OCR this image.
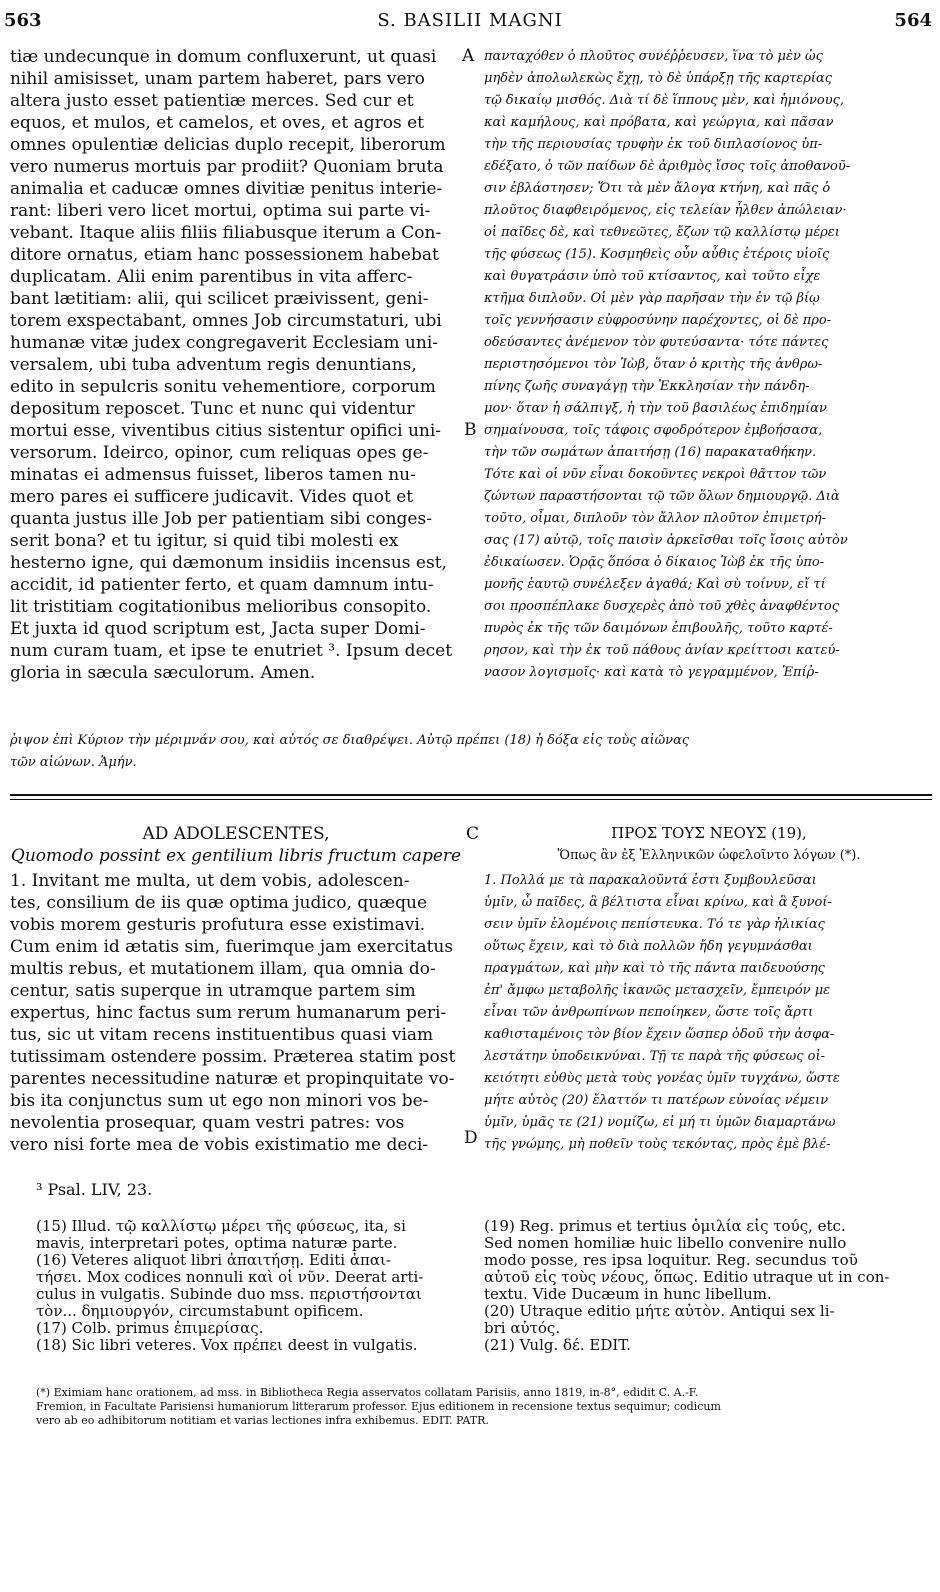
563	S. BASILII MAGNI	564
tiæ undecunque in domum confluxerunt, ut quasi
nihil amisisset, unam partem haberet, pars vero
altera justo esset patientiæ merces. Sed cur et
equos, et mulos, et camelos, et oves, et agros et
omnes opulentiæ delicias duplo recepit, liberorum
vero numerus mortuis par prodiit? Quoniam bruta
animalia et caducæ omnes divitiæ penitus interie-
rant: liberi vero licet mortui, optima sui parte vi-
vebant. Itaque aliis filiis filiabusque iterum a Con-
ditore ornatus, etiam hanc possessionem habebat
duplicatam. Alii enim parentibus in vita afferc-
bant lætitiam: alii, qui scilicet præivissent, geni-
torem exspectabant, omnes Job circumstaturi, ubi
humanæ vitæ judex congregaverit Ecclesiam uni-
versalem, ubi tuba adventum regis denuntians,
edito in sepulcris sonitu vehementiore, corporum
depositum reposcet. Tunc et nunc qui videntur
mortui esse, viventibus citius sistentur opifici uni-
versorum. Ideirco, opinor, cum reliquas opes ge-
minatas ei admensus fuisset, liberos tamen nu-
mero pares ei sufficere judicavit. Vides quot et
quanta justus ille Job per patientiam sibi conges-
serit bona? et tu igitur, si quid tibi molesti ex
hesterno igne, qui dæmonum insidiis incensus est,
accidit, id patienter ferto, et quam damnum intu-
lit tristitiam cogitationibus melioribus consopito.
Et juxta id quod scriptum est, Jacta super Domi-
num curam tuam, et ipse te enutriet ³. Ipsum decet
gloria in sæcula sæculorum. Amen.
A
B
πανταχόθεν ὁ πλοῦτος συνέῤῥευσεν, ἵνα τὸ μὲν ὡς
μηδὲν ἀπολωλεκὼς ἔχῃ, τὸ δὲ ὑπάρξῃ τῆς καρτερίας
τῷ δικαίῳ μισθός. Διὰ τί δὲ ἵππους μὲν, καὶ ἡμιόνους,
καὶ καμήλους, καὶ πρόβατα, καὶ γεώργια, καὶ πᾶσαν
τὴν τῆς περιουσίας τρυφὴν ἐκ τοῦ διπλασίονος ὑπ-
εδέξατο, ὁ τῶν παίδων δὲ ἀριθμὸς ἴσος τοῖς ἀποθανοῦ-
σιν ἐβλάστησεν; Ὅτι τὰ μὲν ἄλογα κτήνη, καὶ πᾶς ὁ
πλοῦτος διαφθειρόμενος, εἰς τελείαν ἦλθεν ἀπώλειαν·
οἱ παῖδες δὲ, καὶ τεθνεῶτες, ἔζων τῷ καλλίστῳ μέρει
τῆς φύσεως (15). Κοσμηθεὶς οὖν αὖθις ἑτέροις υἱοῖς
καὶ θυγατράσιν ὑπὸ τοῦ κτίσαντος, καὶ τοῦτο εἶχε
κτῆμα διπλοῦν. Οἱ μὲν γὰρ παρῆσαν τὴν ἐν τῷ βίῳ
τοῖς γεννήσασιν εὐφροσύνην παρέχοντες, οἱ δὲ προ-
οδεύσαντες ἀνέμενον τὸν φυτεύσαντα· τότε πάντες
περιστησόμενοι τὸν Ἰὼβ, ὅταν ὁ κριτὴς τῆς ἀνθρω-
πίνης ζωῆς συναγάγῃ τὴν Ἐκκλησίαν τὴν πάνδη-
μον· ὅταν ἡ σάλπιγξ, ἡ τὴν τοῦ βασιλέως ἐπιδημίαν
σημαίνουσα, τοῖς τάφοις σφοδρότερον ἐμβοήσασα,
τὴν τῶν σωμάτων ἀπαιτήσῃ (16) παρακαταθήκην.
Τότε καὶ οἱ νῦν εἶναι δοκοῦντες νεκροὶ θᾶττον τῶν
ζώντων παραστήσονται τῷ τῶν ὅλων δημιουργῷ. Διὰ
τοῦτο, οἶμαι, διπλοῦν τὸν ἄλλον πλοῦτον ἐπιμετρή-
σας (17) αὐτῷ, τοῖς παισὶν ἀρκεῖσθαι τοῖς ἴσοις αὐτὸν
ἐδικαίωσεν. Ὁρᾷς ὅπόσα ὁ δίκαιος Ἰὼβ ἐκ τῆς ὑπο-
μονῆς ἑαυτῷ συνέλεξεν ἀγαθά; Καὶ σὺ τοίνυν, εἴ τί
σοι προσπέπλακε δυσχερὲς ἀπὸ τοῦ χθὲς ἀναφθέντος
πυρὸς ἐκ τῆς τῶν δαιμόνων ἐπιβουλῆς, τοῦτο καρτέ-
ρησον, καὶ τὴν ἐκ τοῦ πάθους ἀνίαν κρείττοσι κατεύ-
νασον λογισμοῖς· καὶ κατὰ τὸ γεγραμμένον, Ἐπίῤ-
ῥιψον ἐπὶ Κύριον τὴν μέριμνάν σου, καὶ αὐτός σε διαθρέψει. Αὐτῷ πρέπει (18) ἡ δόξα εἰς τοὺς αἰῶνας
τῶν αἰώνων. Ἀμήν.
AD ADOLESCENTES,
Quomodo possint ex gentilium libris fructum capere
C	ΠΡΟΣ ΤΟΥΣ ΝΕΟΥΣ (19),
Ὅπως ἂν ἐξ Ἑλληνικῶν ὠφελοῖντο λόγων (*).
1. Invitant me multa, ut dem vobis, adolescen-
tes, consilium de iis quæ optima judico, quæque
vobis morem gesturis profutura esse existimavi.
Cum enim id ætatis sim, fuerimque jam exercitatus
multis rebus, et mutationem illam, qua omnia do-
centur, satis superque in utramque partem sim
expertus, hinc factus sum rerum humanarum peri-
tus, sic ut vitam recens instituentibus quasi viam
tutissimam ostendere possim. Præterea statim post
parentes necessitudine naturæ et propinquitate vo-
bis ita conjunctus sum ut ego non minori vos be-
nevolentia prosequar, quam vestri patres: vos
vero nisi forte mea de vobis existimatio me deci-	D
1. Πολλά με τὰ παρακαλοῦντά ἐστι ξυμβουλεῦσαι
ὑμῖν, ὦ παῖδες, ἃ βέλτιστα εἶναι κρίνω, καὶ ἃ ξυνοί-
σειν ὑμῖν ἑλομένοις πεπίστευκα. Τό τε γὰρ ἡλικίας
οὕτως ἔχειν, καὶ τὸ διὰ πολλῶν ἤδη γεγυμνάσθαι
πραγμάτων, καὶ μὴν καὶ τὸ τῆς πάντα παιδευούσης
ἐπ' ἄμφω μεταβολῆς ἱκανῶς μετασχεῖν, ἔμπειρόν με
εἶναι τῶν ἀνθρωπίνων πεποίηκεν, ὥστε τοῖς ἄρτι
καθισταμένοις τὸν βίον ἔχειν ὥσπερ ὁδοῦ τὴν ἀσφα-
λεστάτην ὑποδεικνύναι. Τῇ τε παρὰ τῆς φύσεως οἰ-
κειότητι εὐθὺς μετὰ τοὺς γονέας ὑμῖν τυγχάνω, ὥστε
μήτε αὐτὸς (20) ἔλαττόν τι πατέρων εὐνοίας νέμειν
ὑμῖν, ὑμᾶς τε (21) νομίζω, εἰ μή τι ὑμῶν διαμαρτάνω
τῆς γνώμης, μὴ ποθεῖν τοὺς τεκόντας, πρὸς ἐμὲ βλέ-
³ Psal. LIV, 23.
(15) Illud. τῷ καλλίστῳ μέρει τῆς φύσεως, ita, si
mavis, interpretari potes, optima naturæ parte.
(16) Veteres aliquot libri ἀπαιτήσῃ. Editi ἀπαι-
τήσει. Mox codices nonnuli καὶ οἱ νῦν. Deerat arti-
culus in vulgatis. Subinde duo mss. περιστήσονται
τὸν... δημιουργόν, circumstabunt opificem.
(17) Colb. primus ἐπιμερίσας.
(18) Sic libri veteres. Vox πρέπει deest in vulgatis.
(19) Reg. primus et tertius ὁμιλία εἰς τούς, etc.
Sed nomen homiliæ huic libello convenire nullo
modo posse, res ipsa loquitur. Reg. secundus τοῦ
αὐτοῦ εἰς τοὺς νέους, ὅπως. Editio utraque ut in con-
textu. Vide Ducæum in hunc libellum.
(20) Utraque editio μήτε αὐτὸν. Antiqui sex li-
bri αὐτός.
(21) Vulg. δέ. EDIT.
(*) Eximiam hanc orationem, ad mss. in Bibliotheca Regia asservatos collatam Parisiis, anno 1819, in-8°, edidit C. A.-F.
Fremion, in Facultate Parisiensi humaniorum litterarum professor. Ejus editionem in recensione textus sequimur; codicum
vero ab eo adhibitorum notitiam et varias lectiones infra exhibemus. EDIT. PATR.
